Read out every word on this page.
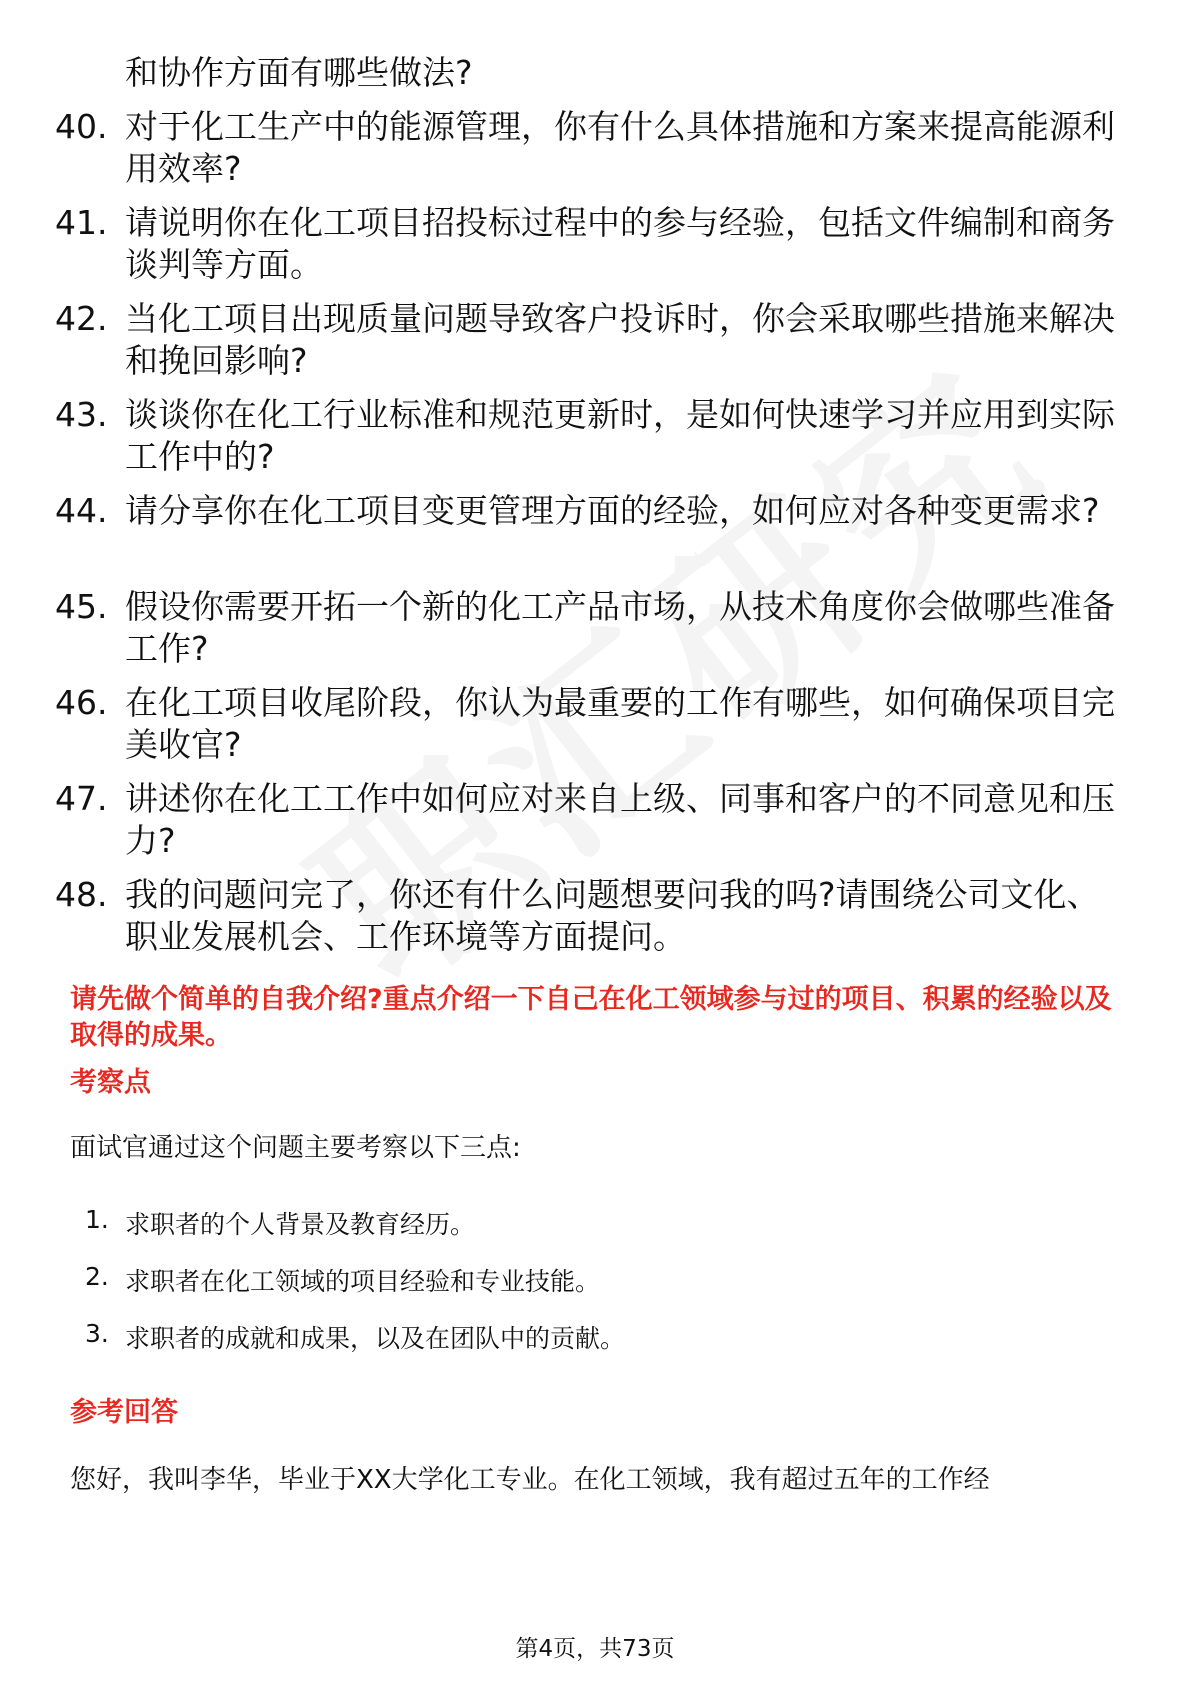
和协作方面有哪些做法?
40. 对于化工生产中的能源管理，你有什么具体措施和方案来提高能源利用效率?
41. 请说明你在化工项目招投标过程中的参与经验，包括文件编制和商务谈判等方面。
42. 当化工项目出现质量问题导致客户投诉时，你会采取哪些措施来解决和挽回影响?
43. 谈谈你在化工行业标准和规范更新时，是如何快速学习并应用到实际工作中的?
44. 请分享你在化工项目变更管理方面的经验，如何应对各种变更需求?
45. 假设你需要开拓一个新的化工产品市场，从技术角度你会做哪些准备工作?
46. 在化工项目收尾阶段，你认为最重要的工作有哪些，如何确保项目完美收官?
47. 讲述你在化工工作中如何应对来自上级、同事和客户的不同意见和压力?
48. 我的问题问完了，你还有什么问题想要问我的吗?请围绕公司文化、职业发展机会、工作环境等方面提问。
请先做个简单的自我介绍?重点介绍一下自己在化工领域参与过的项目、积累的经验以及取得的成果。
考察点
面试官通过这个问题主要考察以下三点:
1. 求职者的个人背景及教育经历。
2. 求职者在化工领域的项目经验和专业技能。
3. 求职者的成就和成果，以及在团队中的贡献。
参考回答
您好，我叫李华，毕业于XX大学化工专业。在化工领域，我有超过五年的工作经
第4页，共73页
